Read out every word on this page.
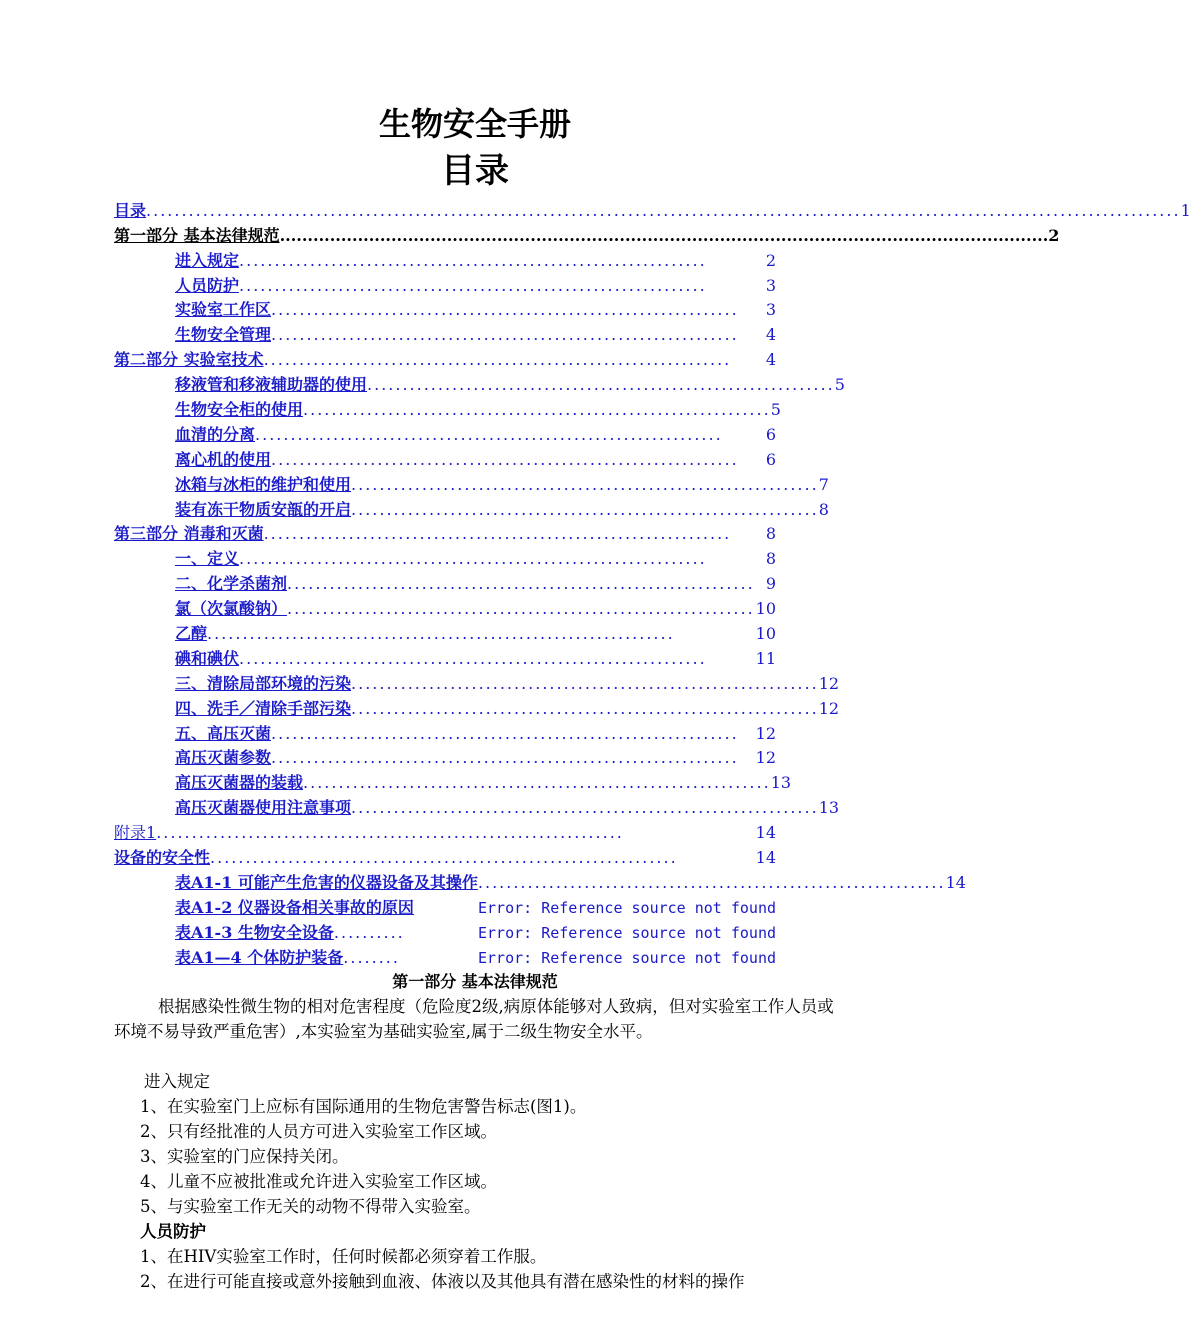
生物安全手册
目录
目录 .................................................................................................................................................. 1
第一部分 基本法律规范 .......................................................................................................................................... 2
进入规定 ..................................................................	2
人员防护 ..................................................................	3
实验室工作区 ..................................................................	3
生物安全管理 ..................................................................	4
第二部分 实验室技术 ..................................................................	4
移液管和移液辅助器的使用 .................................................................. 5
生物安全柜的使用 .................................................................. 5
血清的分离 ..................................................................	6
离心机的使用 ..................................................................	6
冰箱与冰柜的维护和使用 .................................................................. 7
装有冻干物质安瓿的开启 .................................................................. 8
第三部分 消毒和灭菌 ..................................................................	8
一、定义 ..................................................................	8
二、化学杀菌剂 .................................................................. 9
氯（次氯酸钠） .................................................................. 10
乙醇 ..................................................................	10
碘和碘伏 ..................................................................	11
三、清除局部环境的污染 .................................................................. 12
四、洗手／清除手部污染 .................................................................. 12
五、高压灭菌 ..................................................................	12
高压灭菌参数 ..................................................................	12
高压灭菌器的装载 .................................................................. 13
高压灭菌器使用注意事项 .................................................................. 13
附录1 ..................................................................	14
设备的安全性 ..................................................................	14
表A1-1 可能产生危害的仪器设备及其操作 .................................................................. 14
表A1-2 仪器设备相关事故的原因	Error: Reference source not found
表A1-3 生物安全设备 ..........	Error: Reference source not found
表A1—4 个体防护装备 ........	Error: Reference source not found
第一部分 基本法律规范
根据感染性微生物的相对危害程度（危险度2级,病原体能够对人致病，但对实验室工作人员或环境不易导致严重危害）,本实验室为基础实验室,属于二级生物安全水平。
进入规定
1、在实验室门上应标有国际通用的生物危害警告标志(图1)。
2、只有经批准的人员方可进入实验室工作区域。
3、实验室的门应保持关闭。
4、儿童不应被批准或允许进入实验室工作区域。
5、与实验室工作无关的动物不得带入实验室。
人员防护
1、在HIV实验室工作时，任何时候都必须穿着工作服。
2、在进行可能直接或意外接触到血液、体液以及其他具有潜在感染性的材料的操作
